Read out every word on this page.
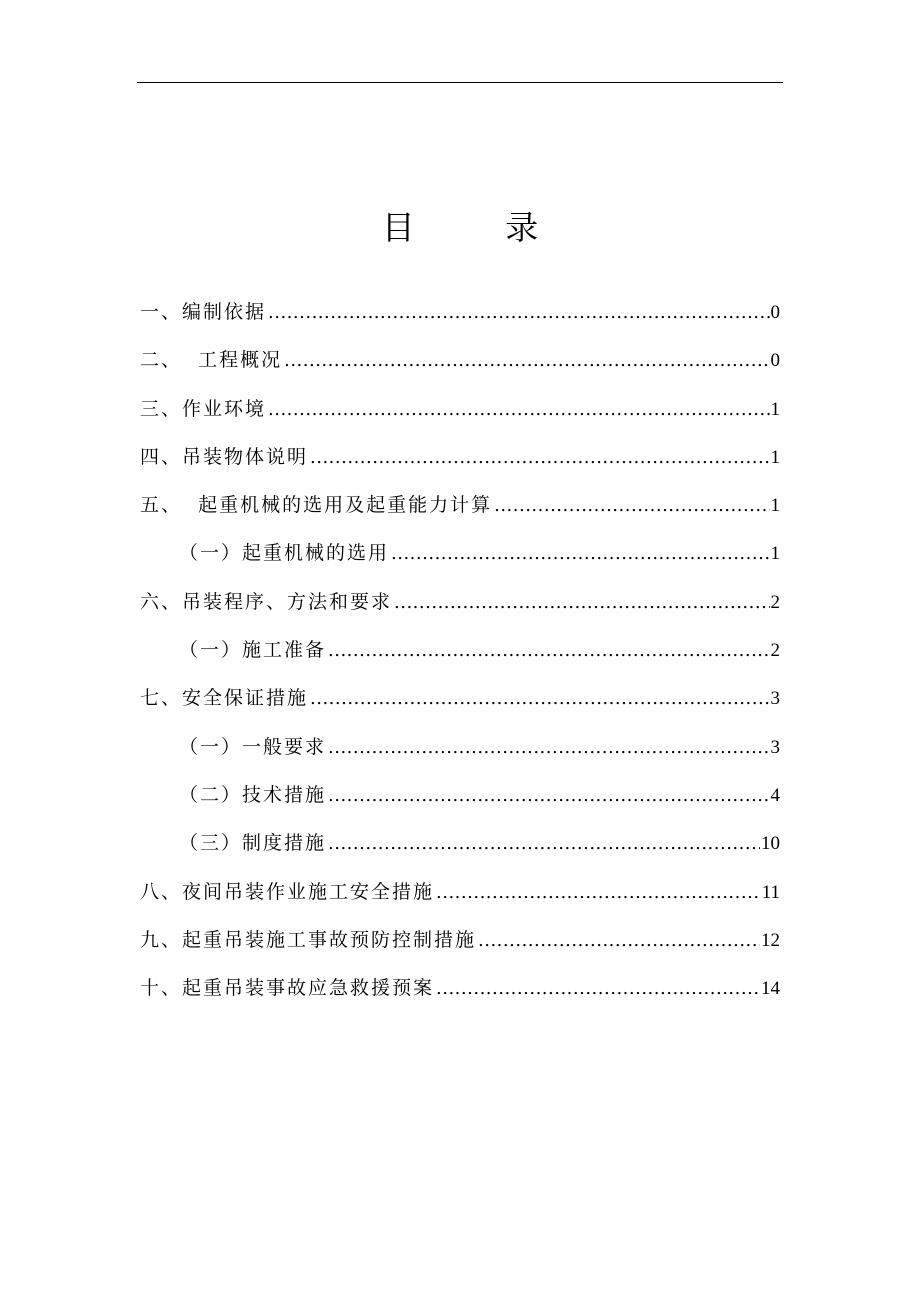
目 录
一、编制依据 .....	0
二、  工程概况 .....	0
三、作业环境 .....	1
四、吊装物体说明 .....	1
五、  起重机械的选用及起重能力计算 .....	1
（一）起重机械的选用 .....	1
六、吊装程序、方法和要求 .....	2
（一）施工准备 .....	2
七、安全保证措施 .....	3
（一）一般要求 .....	3
（二）技术措施 .....	4
（三）制度措施 .....	10
八、夜间吊装作业施工安全措施 .....	11
九、起重吊装施工事故预防控制措施 .....	12
十、起重吊装事故应急救援预案 .....	14
